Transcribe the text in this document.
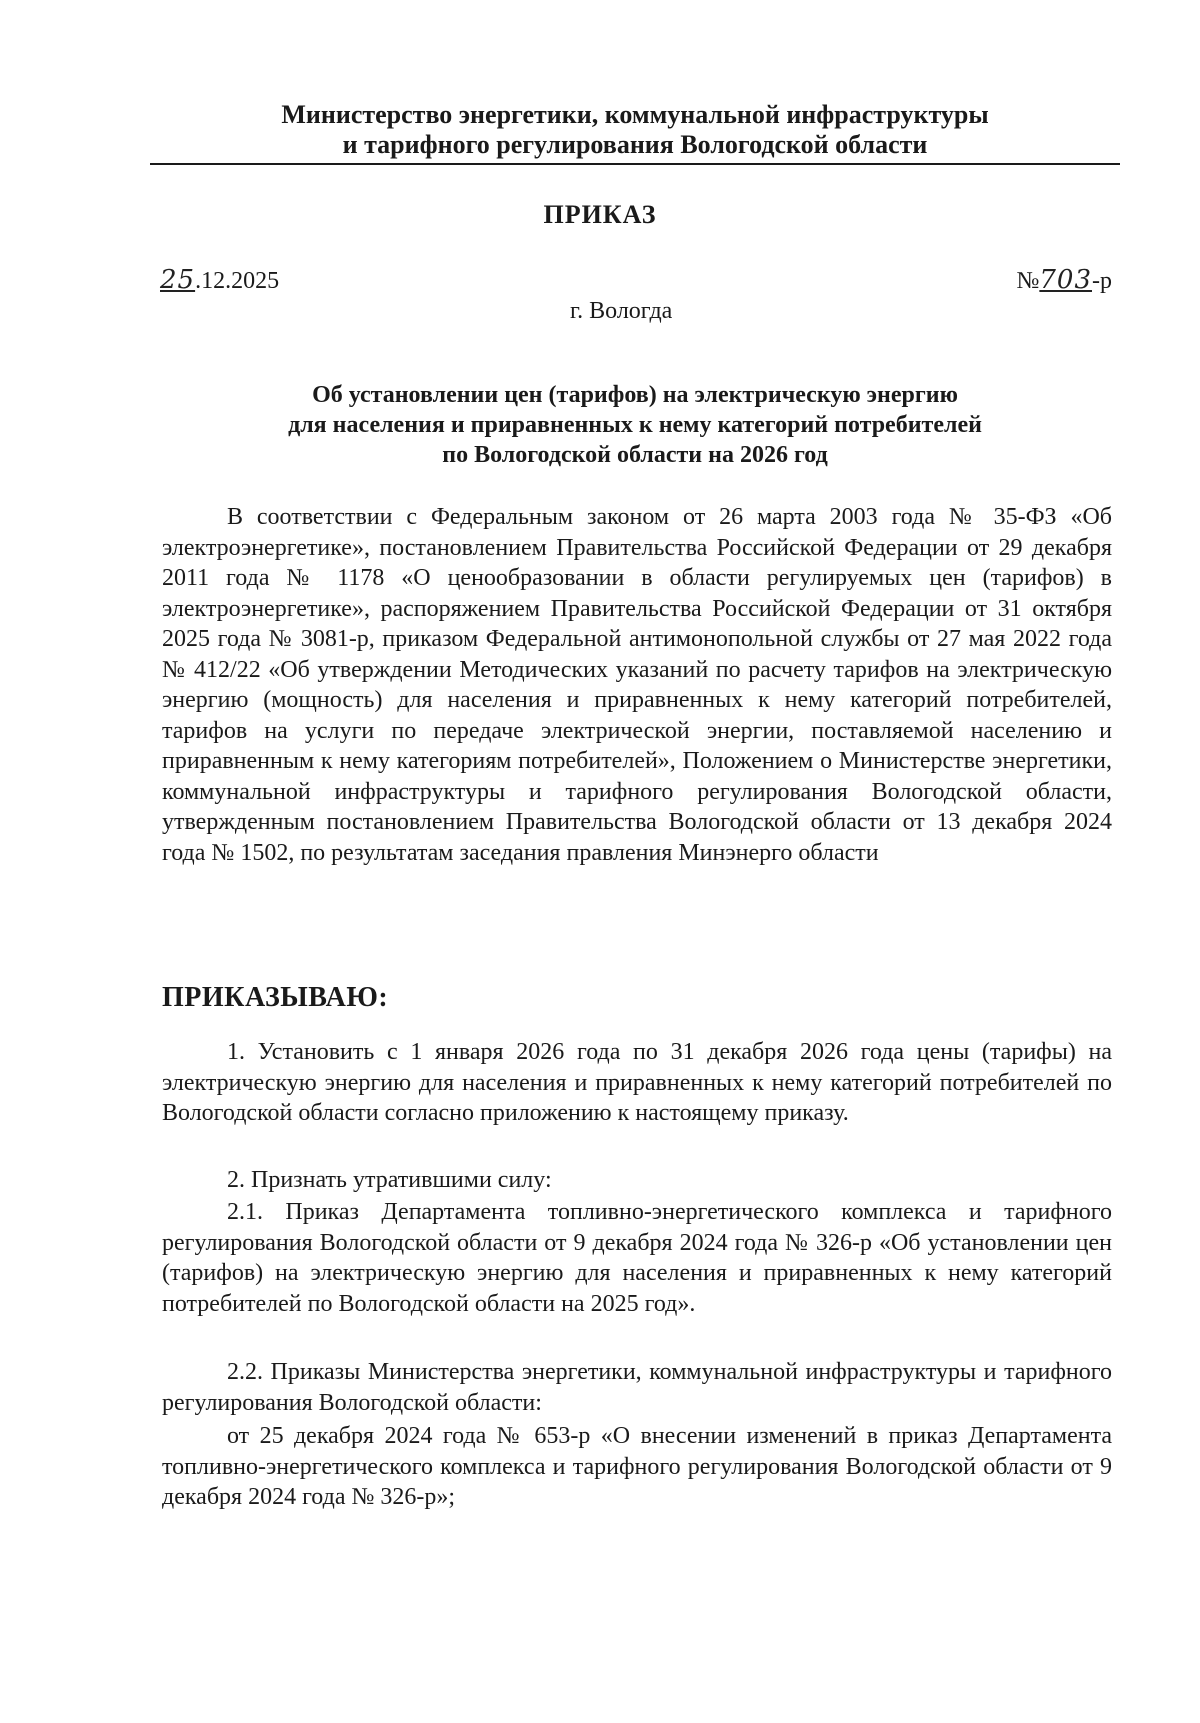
Министерство энергетики, коммунальной инфраструктуры
и тарифного регулирования Вологодской области
ПРИКАЗ
25.12.2025	№703-р
г. Вологда
Об установлении цен (тарифов) на электрическую энергию
для населения и приравненных к нему категорий потребителей
по Вологодской области на 2026 год
В соответствии с Федеральным законом от 26 марта 2003 года № 35-ФЗ «Об электроэнергетике», постановлением Правительства Российской Федерации от 29 декабря 2011 года № 1178 «О ценообразовании в области регулируемых цен (тарифов) в электроэнергетике», распоряжением Правительства Российской Федерации от 31 октября 2025 года № 3081-р, приказом Федеральной антимонопольной службы от 27 мая 2022 года № 412/22 «Об утверждении Методических указаний по расчету тарифов на электрическую энергию (мощность) для населения и приравненных к нему категорий потребителей, тарифов на услуги по передаче электрической энергии, поставляемой населению и приравненным к нему категориям потребителей», Положением о Министерстве энергетики, коммунальной инфраструктуры и тарифного регулирования Вологодской области, утвержденным постановлением Правительства Вологодской области от 13 декабря 2024 года № 1502, по результатам заседания правления Минэнерго области
ПРИКАЗЫВАЮ:
1. Установить с 1 января 2026 года по 31 декабря 2026 года цены (тарифы) на электрическую энергию для населения и приравненных к нему категорий потребителей по Вологодской области согласно приложению к настоящему приказу.
2. Признать утратившими силу:
2.1. Приказ Департамента топливно-энергетического комплекса и тарифного регулирования Вологодской области от 9 декабря 2024 года № 326-р «Об установлении цен (тарифов) на электрическую энергию для населения и приравненных к нему категорий потребителей по Вологодской области на 2025 год».
2.2. Приказы Министерства энергетики, коммунальной инфраструктуры и тарифного регулирования Вологодской области:
от 25 декабря 2024 года № 653-р «О внесении изменений в приказ Департамента топливно-энергетического комплекса и тарифного регулирования Вологодской области от 9 декабря 2024 года № 326-р»;
